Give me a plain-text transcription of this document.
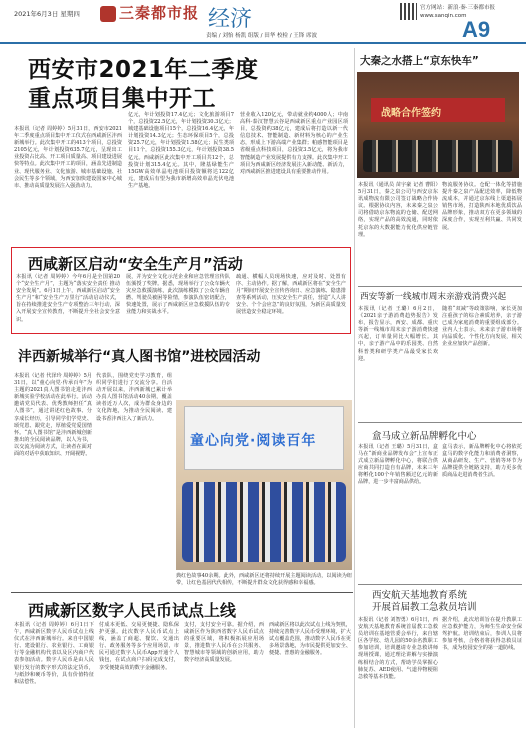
2021年6月3日 星期四	三秦都市报 经济
责编 / 刘怡 杨凯 组版 / 田华 校检 / 王锋 席波
官方网站：新浪·秦·三秦都市报
www.sanqin.com
A9
西安市2021年二季度
重点项目集中开工
本报讯（记者 周婷婷）5月31日，西安市2021年二季度重点项目集中开工仪式在西咸新区沣西新城举行。此次集中开工的413个项目，总投资2105亿元，年计划投资635.7亿元，呈现出工业投资占比高、开工项目质量高、项目建设进展快等特点。此次集中开工的项目，涵盖先进制造业、现代服务业、文化旅游、城市基础设施、社会民生等多个领域，为西安加快建设国家中心城市、推动高质量发展注入强劲动力。
亿元，年计划投资17.4亿元；文化旅游项目7个，总投资22.5亿元，年计划投资30.3亿元；城建基础设施项目15个，总投资16.4亿元，年计划投资14.3亿元；生态环保项目5个，总投资25.7亿元，年计划投资1.58亿元；民生类项目11个，总投资155.3亿元，年计划投资38.5亿元。西咸新区此次集中开工项目共12个，总投资计划315.4亿元。其中，隆基绿能生产15GW高效单晶电池项目投资额将达122亿元，建成后有望为我市新增高效单晶光伏电池生产基地。
营业收入120亿元，带动就业约4000人；中南高科·泰汉智慧云谷是西咸新区重点产业园区项目，总投资约38亿元，建成后将打造以新一代信息技术、智能制造、新材料为核心的产业生态，形成上下游高端产业集群；帕感智能项目是省级重点科技项目，总投资3.5亿元，将为我市智能制造产业发展提供有力支撑。此次集中开工项目为西咸新区经济发展注入新动能、新活力，对西咸新区推进建设具有重要推动作用。
西咸新区启动“安全生产月”活动
本报讯（记者 周婷婷）今年6月是全国第20个“安全生产月”，主题为“落实安全责任 推动安全发展”。6月1日上午，西咸新区启动“安全生产月”和“安全生产万里行”活动启动仪式，旨在持续推进安全生产专项整治三年行动，深入开展安全宣传教育，不断提升全社会安全意识。
展，并为安全文化示范企业和应急管理宣传队伍颁授了奖牌。据悉，现场举行了公众车辆火灾应急救援演练，此次演练模拟了公众车辆自燃、驾驶员被困等险情，参演队伍密切配合，快速处置，展示了西咸新区应急救援队伍的专业能力和实战水平。
疏通、横幅人员现场快速，应对及时、处置有序、主动协作。据了解，西咸新区将在“安全生产月”期间开展安全宣传咨询日、应急演练、隐患排查等系列活动，压实安全生产责任，营造“人人讲安全、个个会应急”的良好氛围，为新区高质量发展营造安全稳定环境。
沣西新城举行“真人图书馆”进校园活动
本报讯（记者 代泽玲 周婷婷）5月31日，以“童心向党·传承百年”为主题的2021真人图书馆走进沣西新城实验学校活动在此举行。活动邀请党员代表、优秀教师担任“真人图书”，通过讲述红色故事、分享成长经历，引导同学们学党史、颂党恩、跟党走，厚植爱党爱国情怀。“真人图书馆”是沣西新城创新推出的全民阅读品牌，以人为书，以交流为阅读方式，让读者在面对面的对话中获取知识、开阔视野。
代表队，围绕党史学习教育，组织同学们进行了交流分享。自活动开展以来，沣西新城已累计举办真人图书馆活动40余期，覆盖读者近万人次，成为群众身边的文化阵地，为推动全民阅读、建设书香沣西注入了新活力。
童心向党·阅读百年
典红色故事40余期。此外，西咸新区还将持续开展主题阅读活动，以阅读为纽带，让红色基因代代相传，不断提升群众文化获得感和幸福感。
西咸新区数字人民币试点上线
本报讯（记者 周婷婷）6月1日下午，西咸新区数字人民币试点上线仪式在沣西新城举行。来自中国银行、建设银行、农业银行、工商银行等金融机构代表以及区内商户代表参加活动。数字人民币是由人民银行发行的数字形式的法定货币，与纸钞和硬币等价，具有价值特征和法偿性。
付成本更低、交易更便捷、隐私保护更强。此次数字人民币试点上线，涵盖了商超、餐饮、交通出行、政务服务等多个应用场景，市民可通过数字人民币App开通个人钱包，在试点商户扫码完成支付，享受便捷高效的数字金融服务。
支付，支付安全可靠。据介绍，西咸新区作为陕西省数字人民币试点的重要区域，将积极拓展应用场景，推进数字人民币在公共服务、智慧城市等领域的创新应用，助力数字经济高质量发展。
西咸新区将以此次试点上线为契机，持续完善数字人民币受理环境，扩大试点覆盖范围，推动数字人民币在更多场景落地，为市民提供更加安全、便捷、普惠的金融服务。
大秦之水搭上“京东快车”
战略合作签约
本报讯（通讯员 苗宇豪 记者 曹阳）5月31日，秦之泉公司与西安京东讯成物流有限公司签订战略合作协议。根据协议内容，未来秦之泉公司将借助京东物流的仓储、配送网络，实现产品的高效流通，同时依托京东的大数据能力优化供应链管理。
物流服务协议。仓配一体化等措施提升秦之泉产品配送效率，降低物流成本，并通过京东线上渠道拓展销售市场，打造陕西本地优质饮品品牌形象，推动双方在更多领域的深度合作，实现互利共赢、共同发展。
西安等新一线城市周末亲游戏消费兴起
本报讯（记者 王璐）6月2日，《2021亲子游消费趋势报告》发布，报告显示，西安、成都、重庆等新一线城市周末亲子游消费快速兴起，订单量同比大幅增长。其中，亲子游产品中的乐园类、自然科普类和研学类产品最受家长欢迎。
随着“双减”等政策影响，家长更加注重孩子的综合素质培养，亲子游已成为家庭消费的重要组成部分。业内人士表示，未来亲子游市场将向品质化、个性化方向发展，相关企业应加快产品创新。
盒马成立新品牌孵化中心
本报讯（记者 王璐）5月31日，盒马在“新商业品牌发布会”上宣布正式成立新品牌孵化中心，将联合供应商共同打造自有品牌，未来三年将孵化100个年销售额过亿元的新品牌，进一步丰富商品供给。
盒马表示，新品牌孵化中心将依托盒马的数字化能力和消费者洞察，从商品研发、生产、营销等环节为品牌提供全链路支持，助力更多优质商品走进消费者生活。
西安航天基地教育系统
开展首届教工急救员培训
本报讯（记者 刘智勇）6月1日，西安航天基地教育系统首届教工急救员培训在基地管委会举行，来自辖区各学校、幼儿园的50余名教职工参加培训，培训邀请专业急救讲师现场授课，通过理论讲解与实操演练相结合的方式，帮助学员掌握心肺复苏、AED使用、气道异物梗阻急救等基本技能。
据介绍，此次培训旨在提升教职工应急救护能力，为师生生命安全保驾护航。培训结束后，参训人员将参加考核，合格者将获得急救员证书，成为校园安全的第一道防线。
